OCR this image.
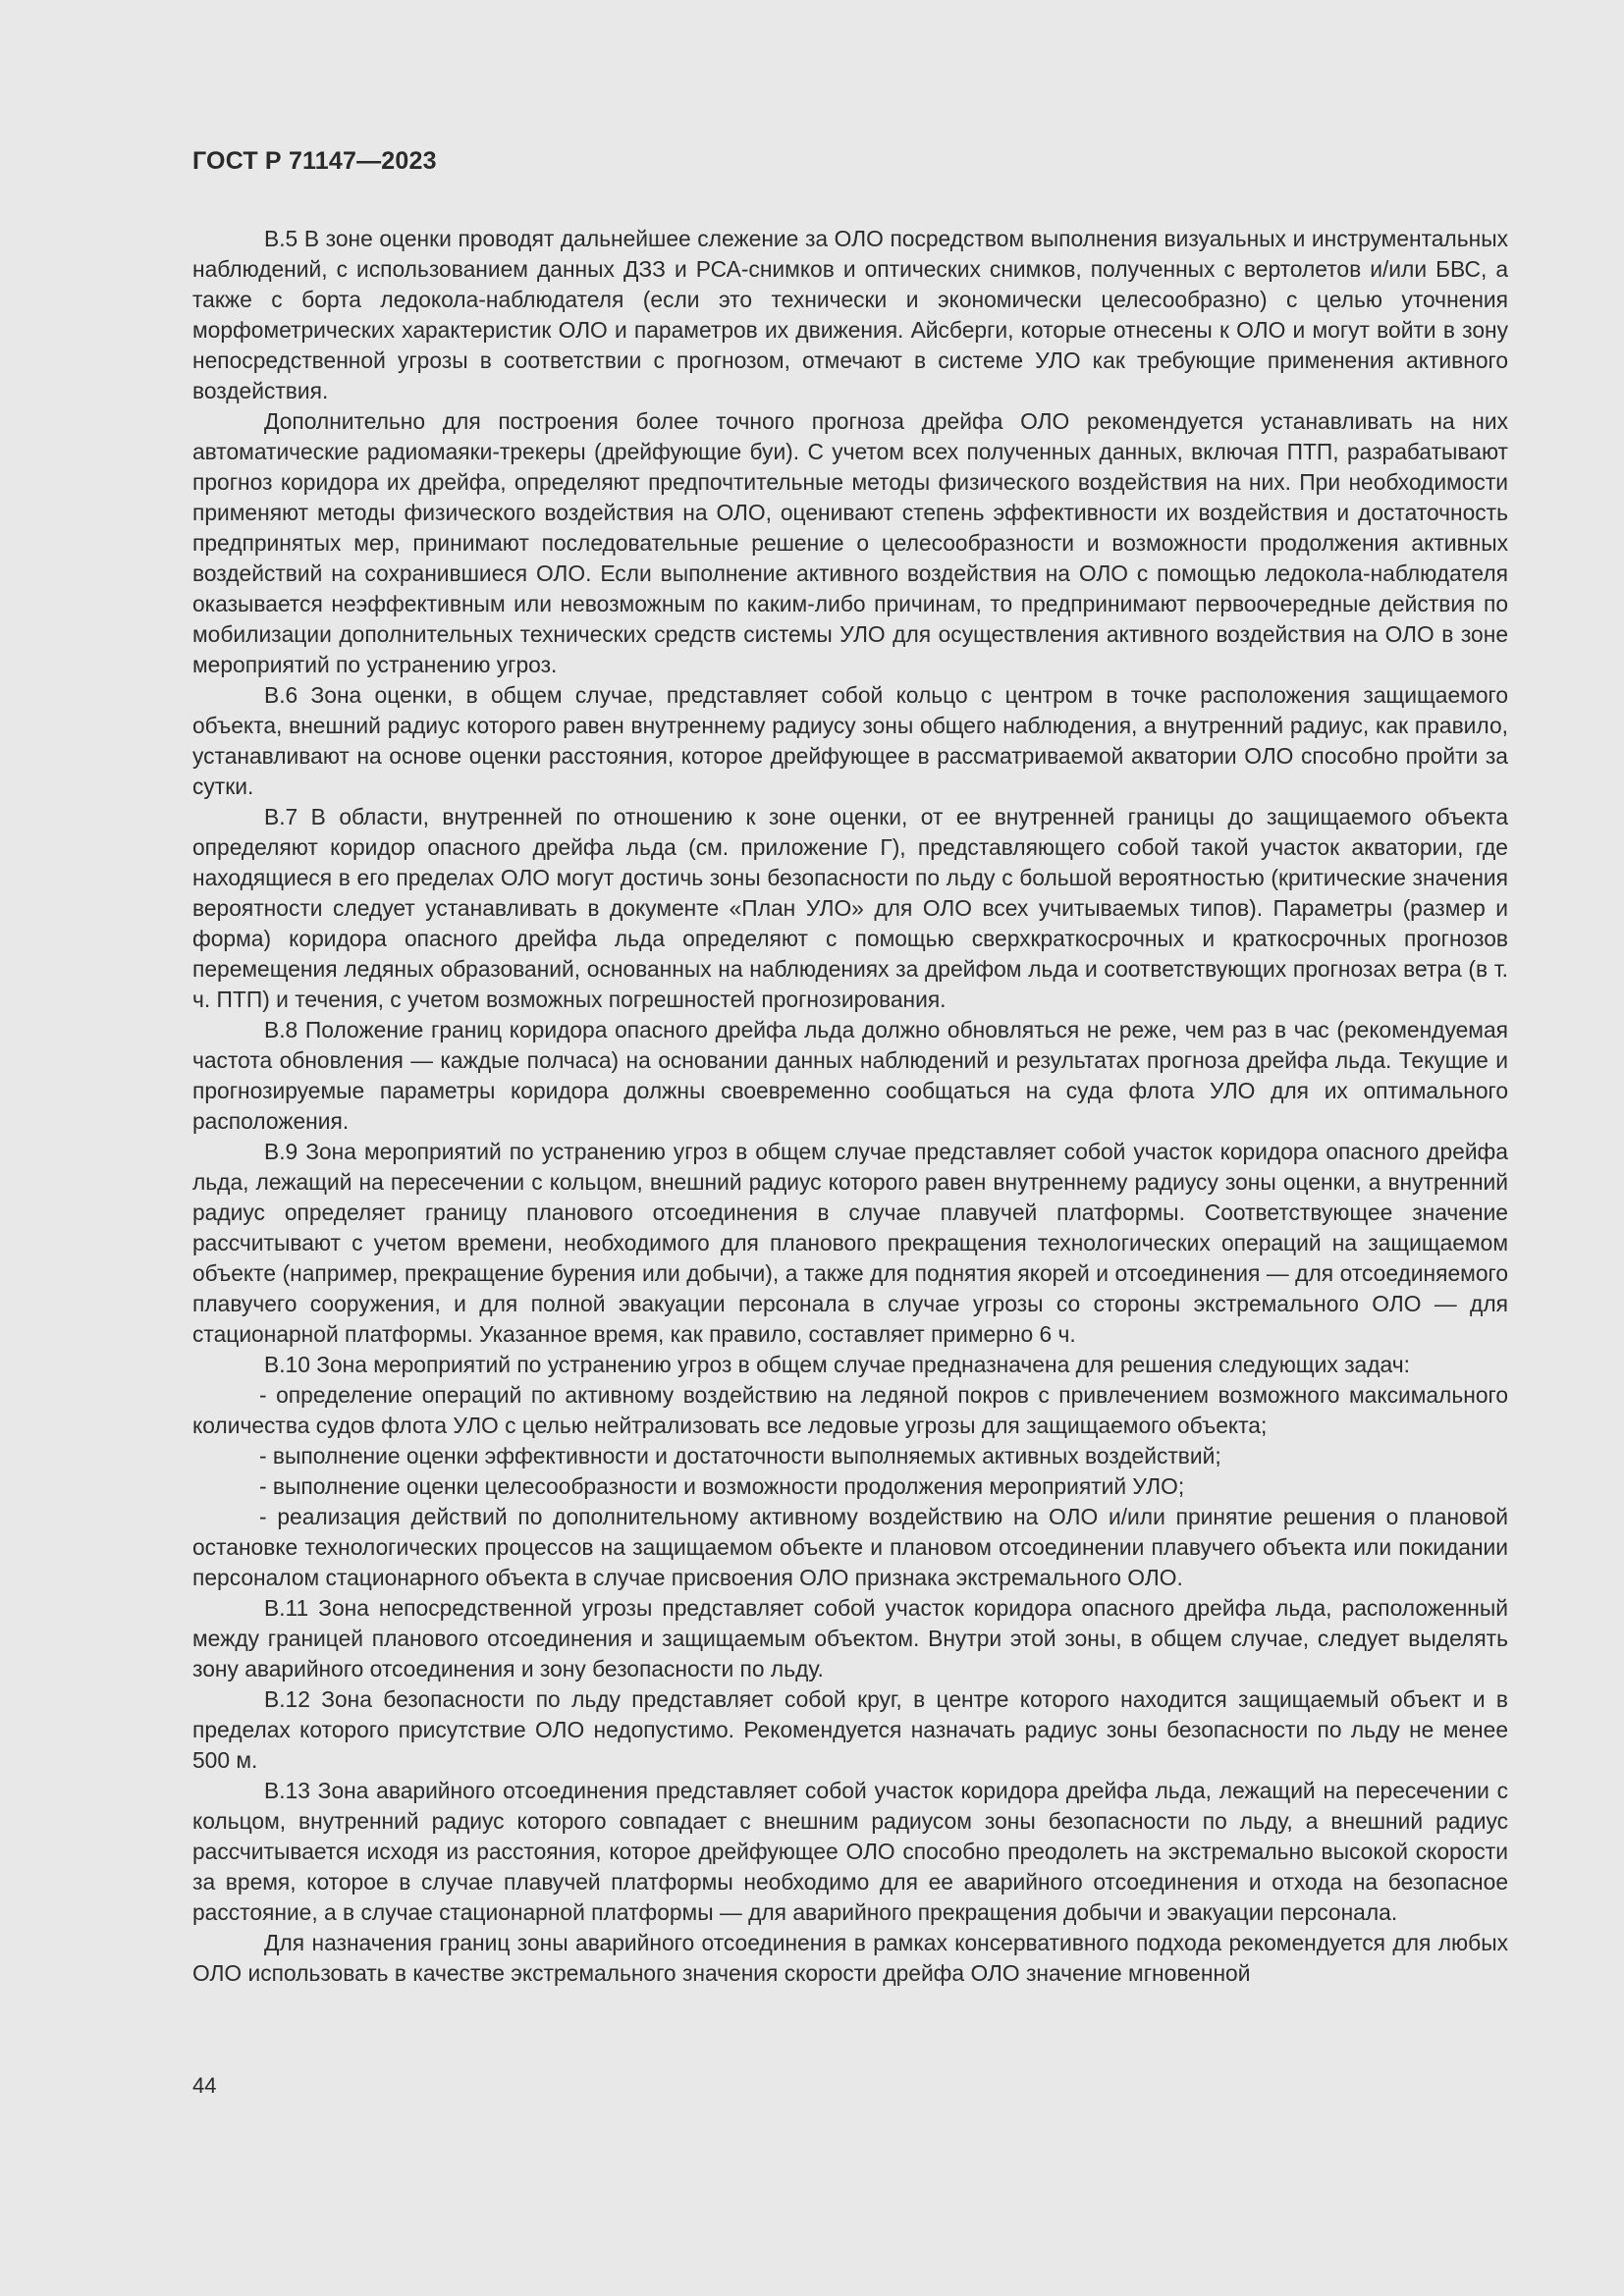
ГОСТ Р 71147—2023

В.5 В зоне оценки проводят дальнейшее слежение за ОЛО посредством выполнения визуальных и инструментальных наблюдений, с использованием данных ДЗЗ и РСА-снимков и оптических снимков, полученных с вертолетов и/или БВС, а также с борта ледокола-наблюдателя (если это технически и экономически целесообразно) с целью уточнения морфометрических характеристик ОЛО и параметров их движения. Айсберги, которые отнесены к ОЛО и могут войти в зону непосредственной угрозы в соответствии с прогнозом, отмечают в системе УЛО как требующие применения активного воздействия.

Дополнительно для построения более точного прогноза дрейфа ОЛО рекомендуется устанавливать на них автоматические радиомаяки-трекеры (дрейфующие буи). С учетом всех полученных данных, включая ПТП, разрабатывают прогноз коридора их дрейфа, определяют предпочтительные методы физического воздействия на них. При необходимости применяют методы физического воздействия на ОЛО, оценивают степень эффективности их воздействия и достаточность предпринятых мер, принимают последовательные решение о целесообразности и возможности продолжения активных воздействий на сохранившиеся ОЛО. Если выполнение активного воздействия на ОЛО с помощью ледокола-наблюдателя оказывается неэффективным или невозможным по каким-либо причинам, то предпринимают первоочередные действия по мобилизации дополнительных технических средств системы УЛО для осуществления активного воздействия на ОЛО в зоне мероприятий по устранению угроз.

В.6 Зона оценки, в общем случае, представляет собой кольцо с центром в точке расположения защищаемого объекта, внешний радиус которого равен внутреннему радиусу зоны общего наблюдения, а внутренний радиус, как правило, устанавливают на основе оценки расстояния, которое дрейфующее в рассматриваемой акватории ОЛО способно пройти за сутки.

В.7 В области, внутренней по отношению к зоне оценки, от ее внутренней границы до защищаемого объекта определяют коридор опасного дрейфа льда (см. приложение Г), представляющего собой такой участок акватории, где находящиеся в его пределах ОЛО могут достичь зоны безопасности по льду с большой вероятностью (критические значения вероятности следует устанавливать в документе «План УЛО» для ОЛО всех учитываемых типов). Параметры (размер и форма) коридора опасного дрейфа льда определяют с помощью сверхкраткосрочных и краткосрочных прогнозов перемещения ледяных образований, основанных на наблюдениях за дрейфом льда и соответствующих прогнозах ветра (в т. ч. ПТП) и течения, с учетом возможных погрешностей прогнозирования.

В.8 Положение границ коридора опасного дрейфа льда должно обновляться не реже, чем раз в час (рекомендуемая частота обновления — каждые полчаса) на основании данных наблюдений и результатах прогноза дрейфа льда. Текущие и прогнозируемые параметры коридора должны своевременно сообщаться на суда флота УЛО для их оптимального расположения.

В.9 Зона мероприятий по устранению угроз в общем случае представляет собой участок коридора опасного дрейфа льда, лежащий на пересечении с кольцом, внешний радиус которого равен внутреннему радиусу зоны оценки, а внутренний радиус определяет границу планового отсоединения в случае плавучей платформы. Соответствующее значение рассчитывают с учетом времени, необходимого для планового прекращения технологических операций на защищаемом объекте (например, прекращение бурения или добычи), а также для поднятия якорей и отсоединения — для отсоединяемого плавучего сооружения, и для полной эвакуации персонала в случае угрозы со стороны экстремального ОЛО — для стационарной платформы. Указанное время, как правило, составляет примерно 6 ч.

В.10 Зона мероприятий по устранению угроз в общем случае предназначена для решения следующих задач:

- определение операций по активному воздействию на ледяной покров с привлечением возможного максимального количества судов флота УЛО с целью нейтрализовать все ледовые угрозы для защищаемого объекта;

- выполнение оценки эффективности и достаточности выполняемых активных воздействий;

- выполнение оценки целесообразности и возможности продолжения мероприятий УЛО;

- реализация действий по дополнительному активному воздействию на ОЛО и/или принятие решения о плановой остановке технологических процессов на защищаемом объекте и плановом отсоединении плавучего объекта или покидании персоналом стационарного объекта в случае присвоения ОЛО признака экстремального ОЛО.

В.11 Зона непосредственной угрозы представляет собой участок коридора опасного дрейфа льда, расположенный между границей планового отсоединения и защищаемым объектом. Внутри этой зоны, в общем случае, следует выделять зону аварийного отсоединения и зону безопасности по льду.

В.12 Зона безопасности по льду представляет собой круг, в центре которого находится защищаемый объект и в пределах которого присутствие ОЛО недопустимо. Рекомендуется назначать радиус зоны безопасности по льду не менее 500 м.

В.13 Зона аварийного отсоединения представляет собой участок коридора дрейфа льда, лежащий на пересечении с кольцом, внутренний радиус которого совпадает с внешним радиусом зоны безопасности по льду, а внешний радиус рассчитывается исходя из расстояния, которое дрейфующее ОЛО способно преодолеть на экстремально высокой скорости за время, которое в случае плавучей платформы необходимо для ее аварийного отсоединения и отхода на безопасное расстояние, а в случае стационарной платформы — для аварийного прекращения добычи и эвакуации персонала.

Для назначения границ зоны аварийного отсоединения в рамках консервативного подхода рекомендуется для любых ОЛО использовать в качестве экстремального значения скорости дрейфа ОЛО значение мгновенной

44
